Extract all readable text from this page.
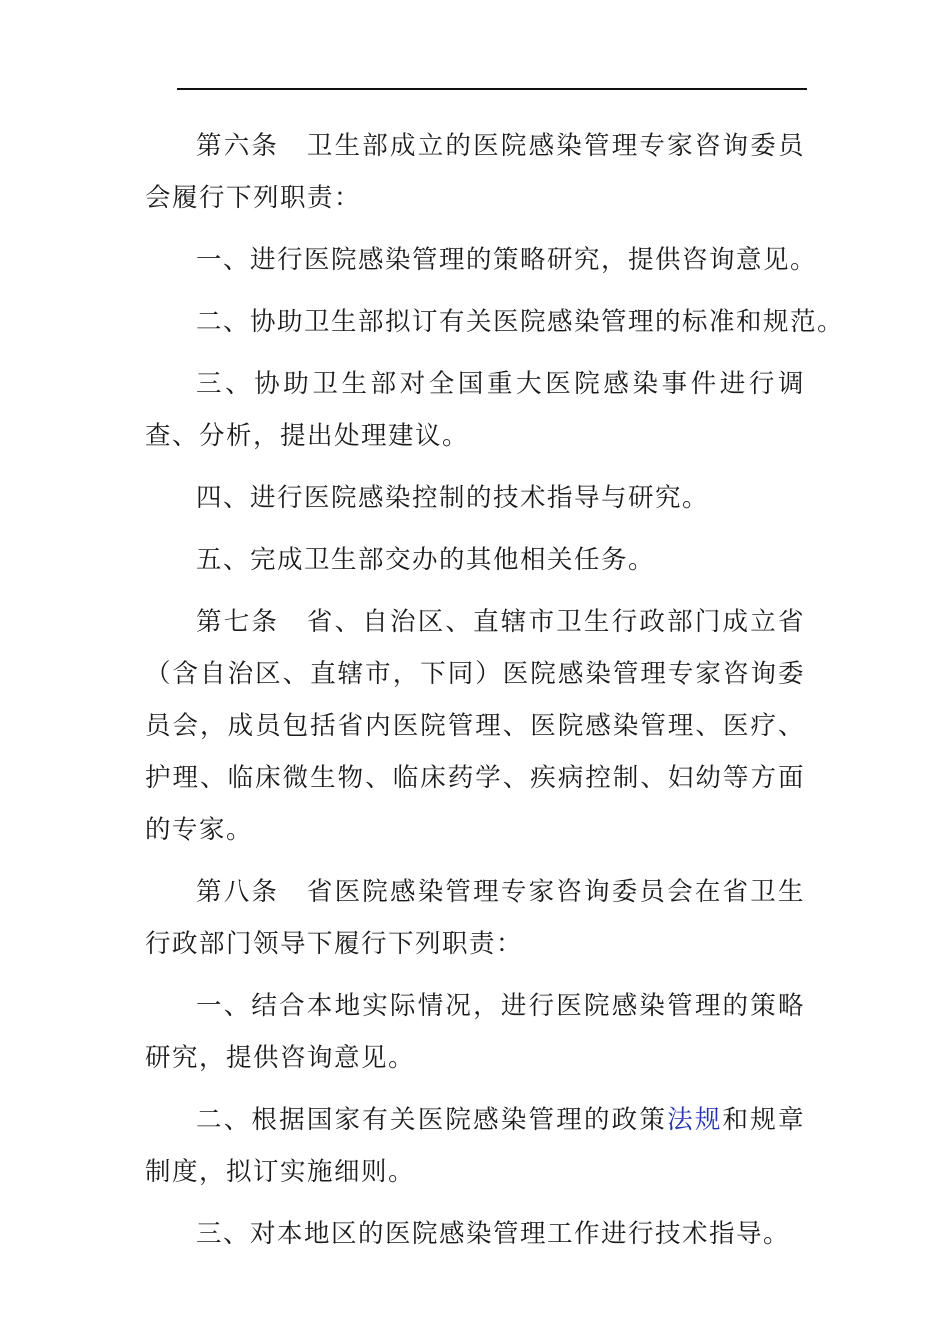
第六条　卫生部成立的医院感染管理专家咨询委员会履行下列职责：

一、进行医院感染管理的策略研究，提供咨询意见。

二、协助卫生部拟订有关医院感染管理的标准和规范。

三、协助卫生部对全国重大医院感染事件进行调查、分析，提出处理建议。

四、进行医院感染控制的技术指导与研究。

五、完成卫生部交办的其他相关任务。

第七条　省、自治区、直辖市卫生行政部门成立省（含自治区、直辖市，下同）医院感染管理专家咨询委员会，成员包括省内医院管理、医院感染管理、医疗、护理、临床微生物、临床药学、疾病控制、妇幼等方面的专家。

第八条　省医院感染管理专家咨询委员会在省卫生行政部门领导下履行下列职责：

一、结合本地实际情况，进行医院感染管理的策略研究，提供咨询意见。

二、根据国家有关医院感染管理的政策法规和规章制度，拟订实施细则。

三、对本地区的医院感染管理工作进行技术指导。
